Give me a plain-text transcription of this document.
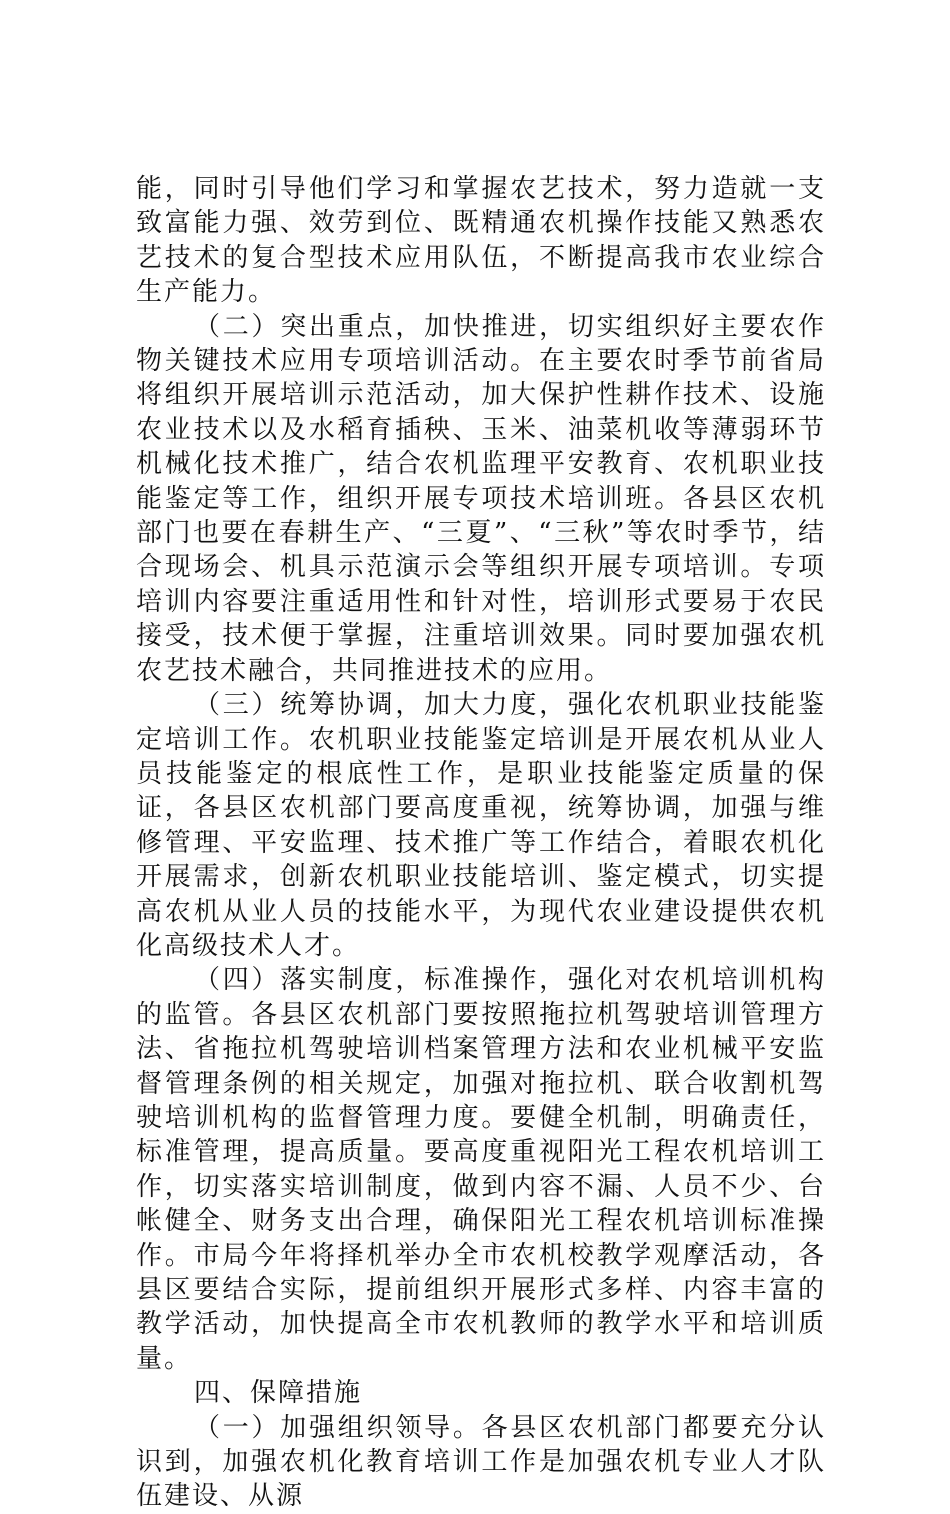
能，同时引导他们学习和掌握农艺技术，努力造就一支致富能力强、效劳到位、既精通农机操作技能又熟悉农艺技术的复合型技术应用队伍，不断提高我市农业综合生产能力。

（二）突出重点，加快推进，切实组织好主要农作物关键技术应用专项培训活动。在主要农时季节前省局将组织开展培训示范活动，加大保护性耕作技术、设施农业技术以及水稻育插秧、玉米、油菜机收等薄弱环节机械化技术推广，结合农机监理平安教育、农机职业技能鉴定等工作，组织开展专项技术培训班。各县区农机部门也要在春耕生产、“三夏”、“三秋”等农时季节，结合现场会、机具示范演示会等组织开展专项培训。专项培训内容要注重适用性和针对性，培训形式要易于农民接受，技术便于掌握，注重培训效果。同时要加强农机农艺技术融合，共同推进技术的应用。

（三）统筹协调，加大力度，强化农机职业技能鉴定培训工作。农机职业技能鉴定培训是开展农机从业人员技能鉴定的根底性工作，是职业技能鉴定质量的保证，各县区农机部门要高度重视，统筹协调，加强与维修管理、平安监理、技术推广等工作结合，着眼农机化开展需求，创新农机职业技能培训、鉴定模式，切实提高农机从业人员的技能水平，为现代农业建设提供农机化高级技术人才。

（四）落实制度，标准操作，强化对农机培训机构的监管。各县区农机部门要按照拖拉机驾驶培训管理方法、省拖拉机驾驶培训档案管理方法和农业机械平安监督管理条例的相关规定，加强对拖拉机、联合收割机驾驶培训机构的监督管理力度。要健全机制，明确责任，标准管理，提高质量。要高度重视阳光工程农机培训工作，切实落实培训制度，做到内容不漏、人员不少、台帐健全、财务支出合理，确保阳光工程农机培训标准操作。市局今年将择机举办全市农机校教学观摩活动，各县区要结合实际，提前组织开展形式多样、内容丰富的教学活动，加快提高全市农机教师的教学水平和培训质量。

四、保障措施

（一）加强组织领导。各县区农机部门都要充分认识到，加强农机化教育培训工作是加强农机专业人才队伍建设、从源
